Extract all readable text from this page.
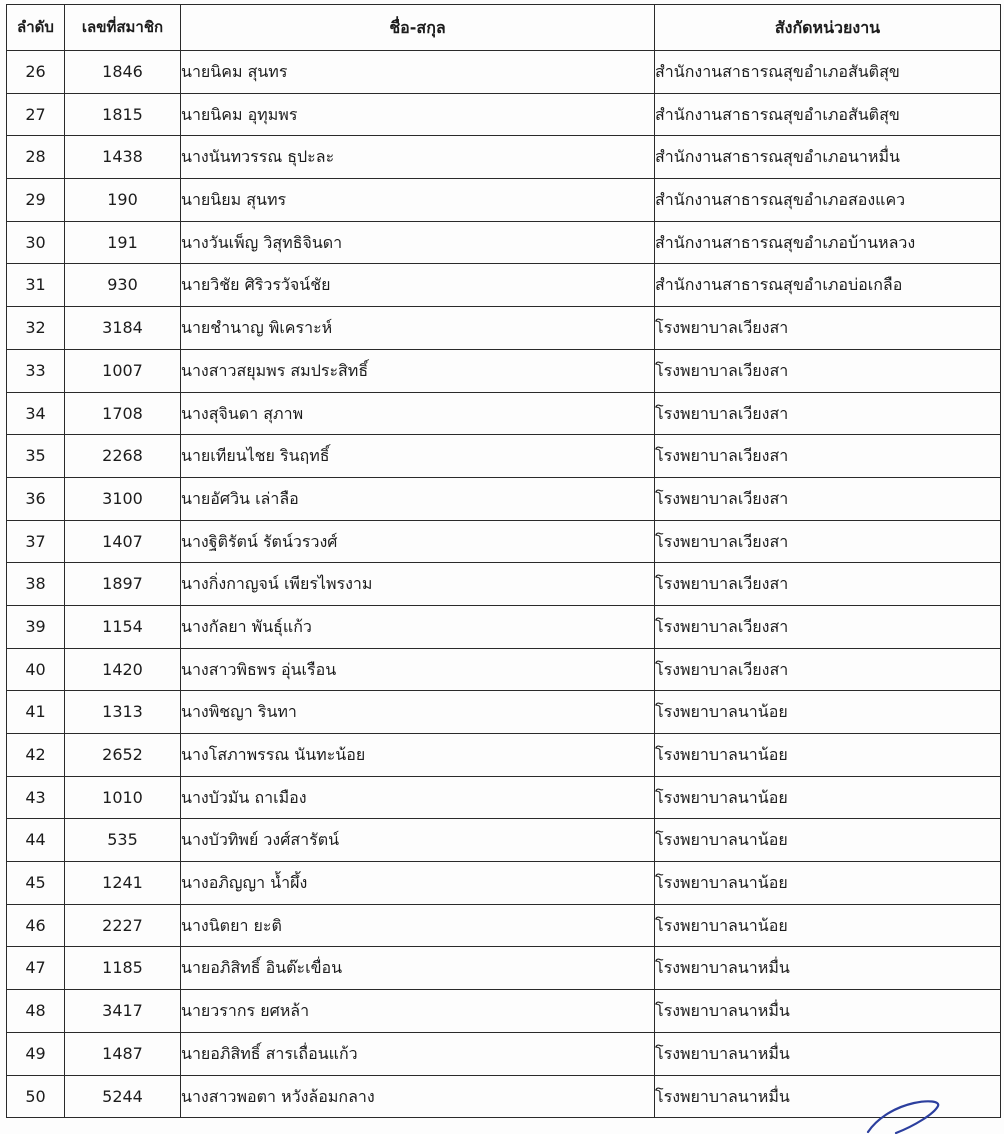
ลำดับ	เลขที่สมาชิก	ชื่อ-สกุล	สังกัดหน่วยงาน
26	1846	นายนิคม สุนทร	สำนักงานสาธารณสุขอำเภอสันติสุข
27	1815	นายนิคม อุทุมพร	สำนักงานสาธารณสุขอำเภอสันติสุข
28	1438	นางนันทวรรณ ธุปะละ	สำนักงานสาธารณสุขอำเภอนาหมื่น
29	190	นายนิยม สุนทร	สำนักงานสาธารณสุขอำเภอสองแคว
30	191	นางวันเพ็ญ วิสุทธิจินดา	สำนักงานสาธารณสุขอำเภอบ้านหลวง
31	930	นายวิชัย ศิริวรวัจน์ชัย	สำนักงานสาธารณสุขอำเภอบ่อเกลือ
32	3184	นายชำนาญ พิเคราะห์	โรงพยาบาลเวียงสา
33	1007	นางสาวสยุมพร สมประสิทธิ์	โรงพยาบาลเวียงสา
34	1708	นางสุจินดา สุภาพ	โรงพยาบาลเวียงสา
35	2268	นายเทียนไชย รินฤทธิ์	โรงพยาบาลเวียงสา
36	3100	นายอัศวิน เล่าลือ	โรงพยาบาลเวียงสา
37	1407	นางฐิติรัตน์ รัตน์วรวงศ์	โรงพยาบาลเวียงสา
38	1897	นางกิ่งกาญจน์ เพียรไพรงาม	โรงพยาบาลเวียงสา
39	1154	นางกัลยา พันธุ์แก้ว	โรงพยาบาลเวียงสา
40	1420	นางสาวพิธพร อุ่นเรือน	โรงพยาบาลเวียงสา
41	1313	นางพิชญา รินทา	โรงพยาบาลนาน้อย
42	2652	นางโสภาพรรณ นันทะน้อย	โรงพยาบาลนาน้อย
43	1010	นางบัวมัน ถาเมือง	โรงพยาบาลนาน้อย
44	535	นางบัวทิพย์ วงศ์สารัตน์	โรงพยาบาลนาน้อย
45	1241	นางอภิญญา น้ำผึ้ง	โรงพยาบาลนาน้อย
46	2227	นางนิตยา ยะติ	โรงพยาบาลนาน้อย
47	1185	นายอภิสิทธิ์ อินต๊ะเขื่อน	โรงพยาบาลนาหมื่น
48	3417	นายวรากร ยศหล้า	โรงพยาบาลนาหมื่น
49	1487	นายอภิสิทธิ์ สารเถื่อนแก้ว	โรงพยาบาลนาหมื่น
50	5244	นางสาวพอตา หวังล้อมกลาง	โรงพยาบาลนาหมื่น
